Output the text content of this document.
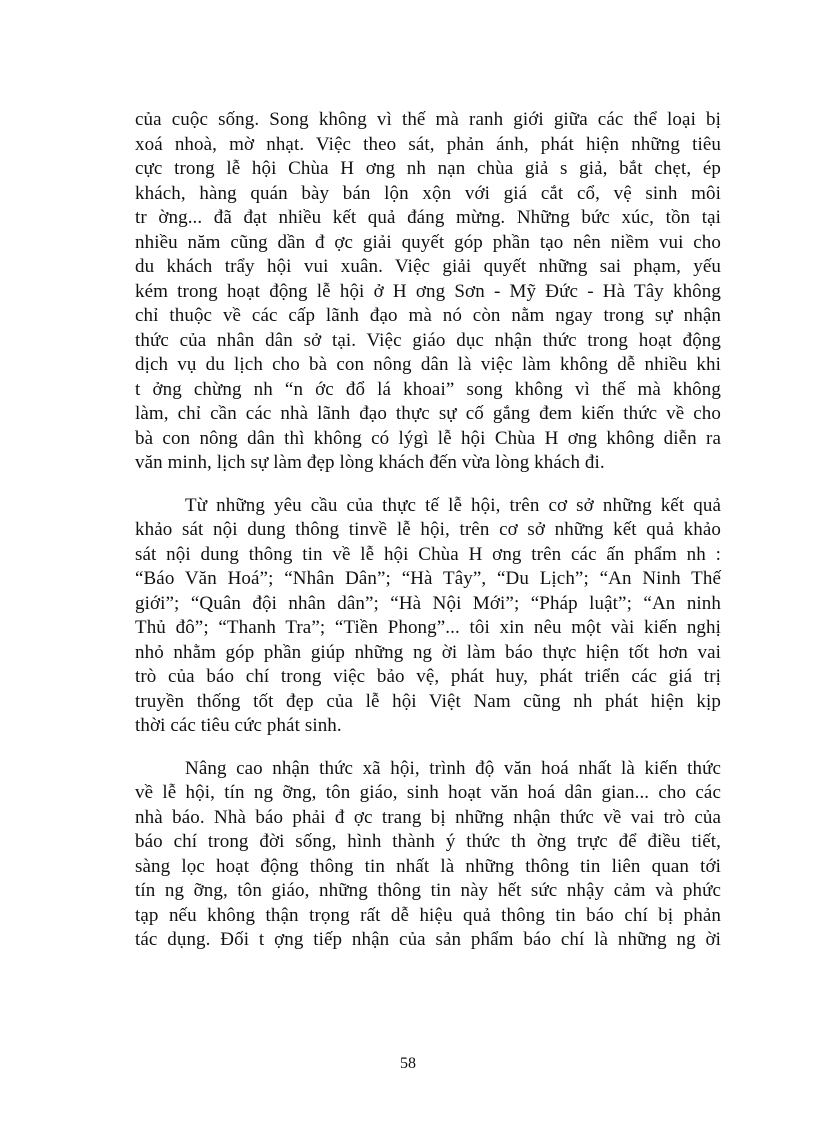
của cuộc sống. Song không vì thế mà ranh giới giữa các thể loại bị
xoá nhoà, mờ nhạt. Việc theo sát, phản ánh, phát hiện những tiêu
cực trong lễ hội Chùa H ơng nh nạn chùa giả s giả, bắt chẹt, ép
khách, hàng quán bày bán lộn xộn với giá cắt cổ, vệ sinh môi
tr ờng... đã đạt nhiều kết quả đáng mừng. Những bức xúc, tồn tại
nhiều năm cũng dần đ ợc giải quyết góp phần tạo nên niềm vui cho
du khách trẩy hội vui xuân. Việc giải quyết những sai phạm, yếu
kém trong hoạt động lễ hội ở H ơng Sơn - Mỹ Đức - Hà Tây không
chỉ thuộc về các cấp lãnh đạo mà nó còn nằm ngay trong sự nhận
thức của nhân dân sở tại. Việc giáo dục nhận thức trong hoạt động
dịch vụ du lịch cho bà con nông dân là việc làm không dễ nhiều khi
t ởng chừng nh “n ớc đổ lá khoai” song không vì thế mà không
làm, chỉ cần các nhà lãnh đạo thực sự cố gắng đem kiến thức về cho
bà con nông dân thì không có lýgì lễ hội Chùa H ơng không diễn ra
văn minh, lịch sự làm đẹp lòng khách đến vừa lòng khách đi.
Từ những yêu cầu của thực tế lễ hội, trên cơ sở những kết quả
khảo sát nội dung thông tinvề lễ hội, trên cơ sở những kết quả khảo
sát nội dung thông tin về lễ hội Chùa H ơng trên các ấn phẩm nh :
“Báo Văn Hoá”; “Nhân Dân”; “Hà Tây”, “Du Lịch”; “An Ninh Thế
giới”; “Quân đội nhân dân”; “Hà Nội Mới”; “Pháp luật”; “An ninh
Thủ đô”; “Thanh Tra”; “Tiền Phong”... tôi xin nêu một vài kiến nghị
nhỏ nhằm góp phần giúp những ng ời làm báo thực hiện tốt hơn vai
trò của báo chí trong việc bảo vệ, phát huy, phát triển các giá trị
truyền thống tốt đẹp của lễ hội Việt Nam cũng nh phát hiện kịp
thời các tiêu cức phát sinh.
Nâng cao nhận thức xã hội, trình độ văn hoá nhất là kiến thức
về lễ hội, tín ng ỡng, tôn giáo, sinh hoạt văn hoá dân gian... cho các
nhà báo. Nhà báo phải đ ợc trang bị những nhận thức về vai trò của
báo chí trong đời sống, hình thành ý thức th ờng trực để điều tiết,
sàng lọc hoạt động thông tin nhất là những thông tin liên quan tới
tín ng ỡng, tôn giáo, những thông tin này hết sức nhậy cảm và phức
tạp nếu không thận trọng rất dễ hiệu quả thông tin báo chí bị phản
tác dụng. Đối t ợng tiếp nhận của sản phẩm báo chí là những ng ời
58
